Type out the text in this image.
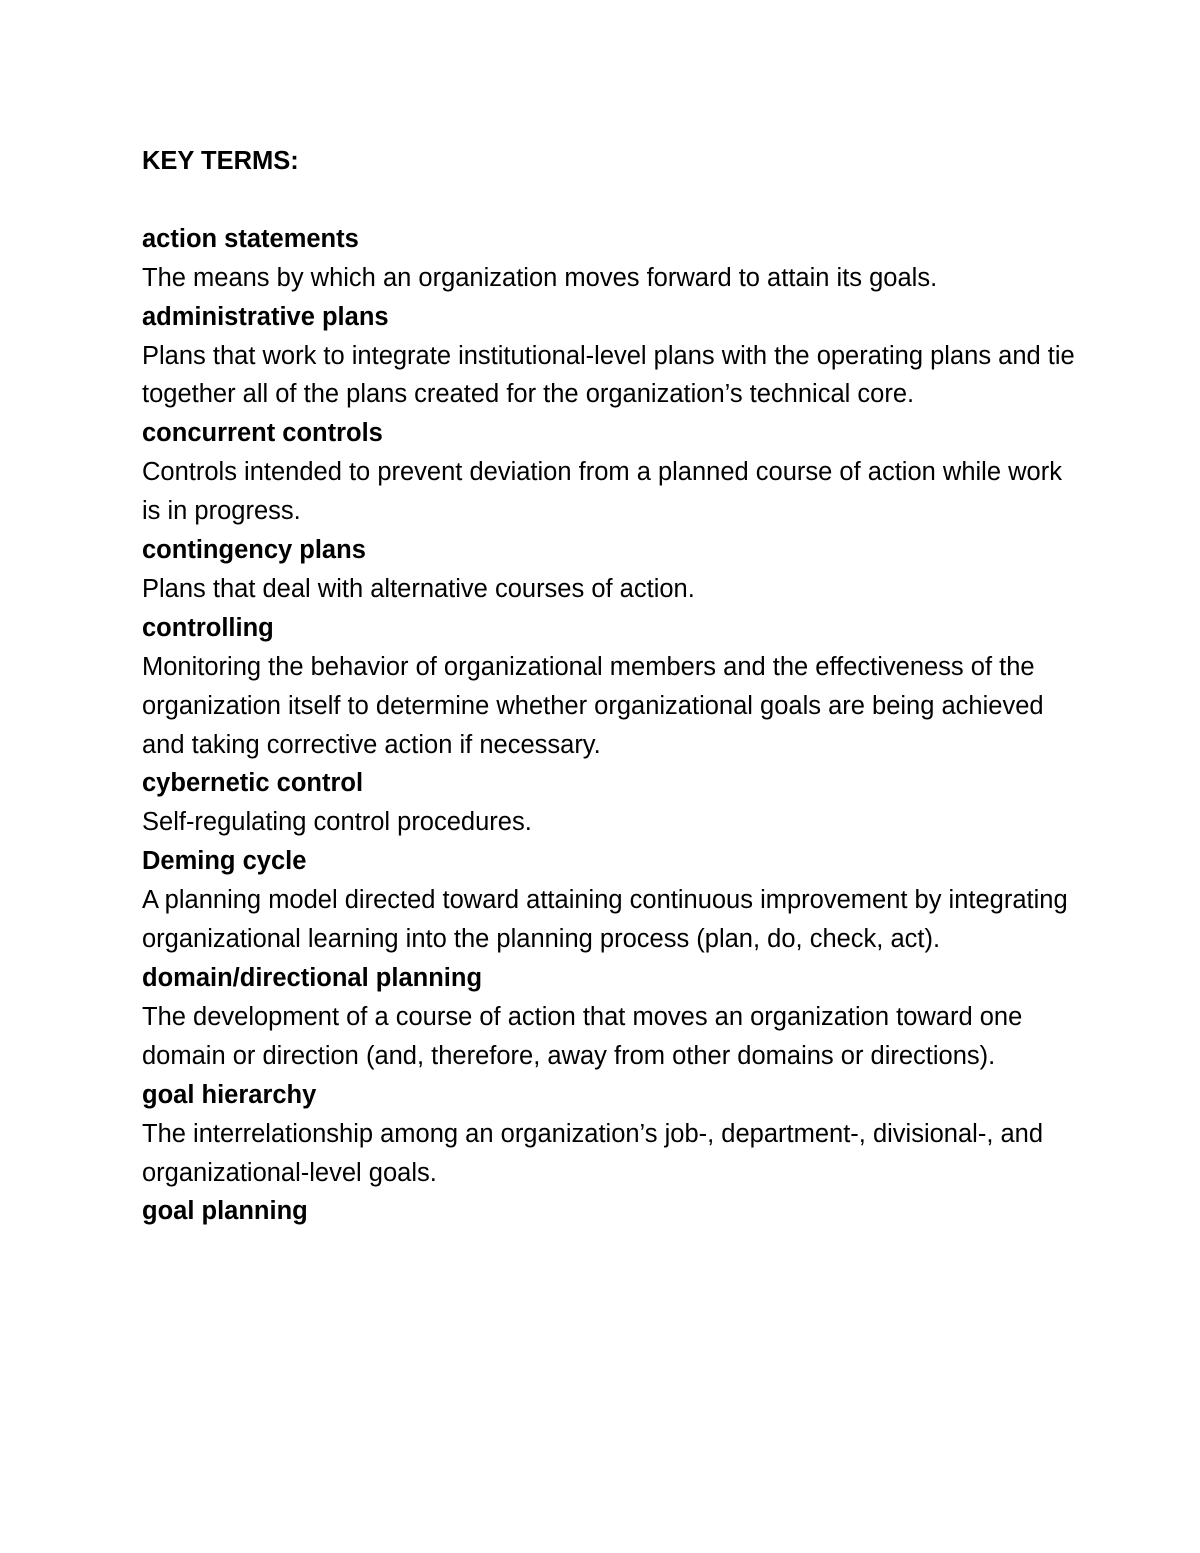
KEY TERMS:
action statements
The means by which an organization moves forward to attain its goals.
administrative plans
Plans that work to integrate institutional-level plans with the operating plans and tie together all of the plans created for the organization’s technical core.
concurrent controls
Controls intended to prevent deviation from a planned course of action while work is in progress.
contingency plans
Plans that deal with alternative courses of action.
controlling
Monitoring the behavior of organizational members and the effectiveness of the organization itself to determine whether organizational goals are being achieved and taking corrective action if necessary.
cybernetic control
Self-regulating control procedures.
Deming cycle
A planning model directed toward attaining continuous improvement by integrating organizational learning into the planning process (plan, do, check, act).
domain/directional planning
The development of a course of action that moves an organization toward one domain or direction (and, therefore, away from other domains or directions).
goal hierarchy
The interrelationship among an organization’s job-, department-, divisional-, and organizational-level goals.
goal planning
